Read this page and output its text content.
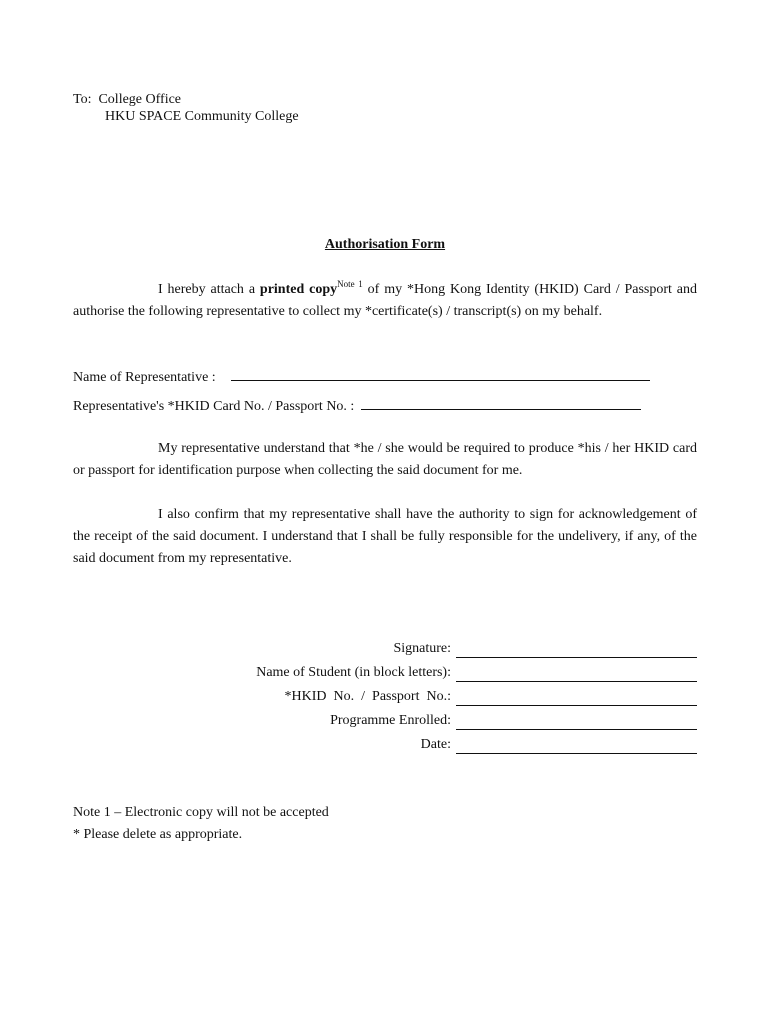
To: College Office
HKU SPACE Community College
Authorisation Form
I hereby attach a printed copy$^{Note 1}$ of my *Hong Kong Identity (HKID) Card / Passport and authorise the following representative to collect my *certificate(s) / transcript(s) on my behalf.
Name of Representative :
Representative's *HKID Card No. / Passport No. :
My representative understand that *he / she would be required to produce *his / her HKID card or passport for identification purpose when collecting the said document for me.
I also confirm that my representative shall have the authority to sign for acknowledgement of the receipt of the said document. I understand that I shall be fully responsible for the undelivery, if any, of the said document from my representative.
Signature:
Name of Student (in block letters):
*HKID  No.  /  Passport  No.:
Programme Enrolled:
Date:
Note 1 – Electronic copy will not be accepted
* Please delete as appropriate.
